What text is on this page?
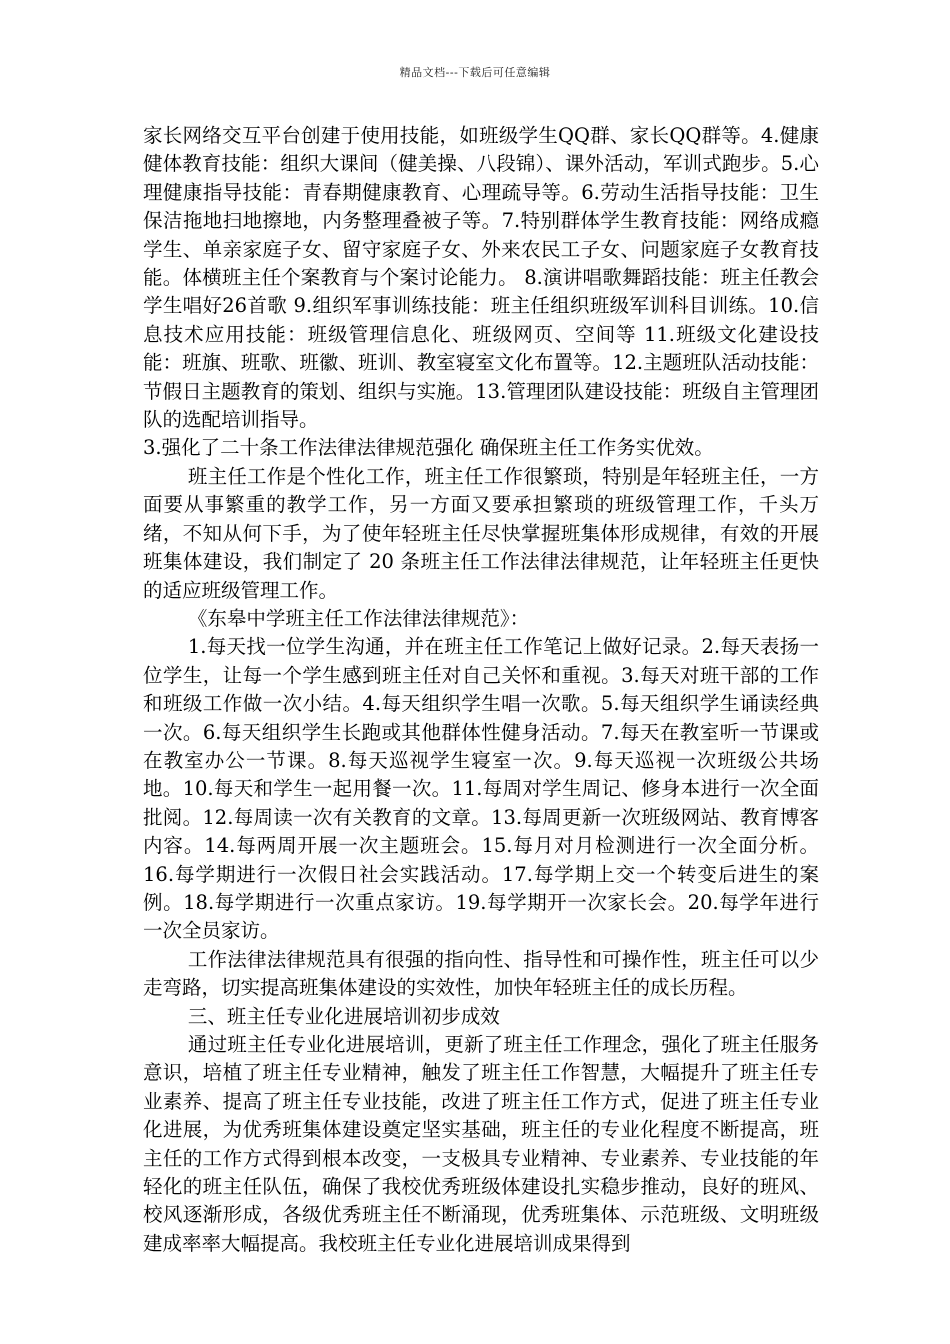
精品文档---下载后可任意编辑

家长网络交互平台创建于使用技能，如班级学生QQ群、家长QQ群等。4.健康健体教育技能：组织大课间（健美操、八段锦）、课外活动，军训式跑步。5.心理健康指导技能：青春期健康教育、心理疏导等。6.劳动生活指导技能：卫生保洁拖地扫地擦地，内务整理叠被子等。7.特别群体学生教育技能：网络成瘾学生、单亲家庭子女、留守家庭子女、外来农民工子女、问题家庭子女教育技能。体横班主任个案教育与个案讨论能力。 8.演讲唱歌舞蹈技能：班主任教会学生唱好26首歌 9.组织军事训练技能：班主任组织班级军训科目训练。10.信息技术应用技能：班级管理信息化、班级网页、空间等 11.班级文化建设技能：班旗、班歌、班徽、班训、教室寝室文化布置等。12.主题班队活动技能：节假日主题教育的策划、组织与实施。13.管理团队建设技能：班级自主管理团队的选配培训指导。

3.强化了二十条工作法律法律规范强化 确保班主任工作务实优效。

班主任工作是个性化工作，班主任工作很繁琐，特别是年轻班主任，一方面要从事繁重的教学工作，另一方面又要承担繁琐的班级管理工作，千头万绪，不知从何下手，为了使年轻班主任尽快掌握班集体形成规律，有效的开展班集体建设，我们制定了 20 条班主任工作法律法律规范，让年轻班主任更快的适应班级管理工作。

《东皋中学班主任工作法律法律规范》：

1.每天找一位学生沟通，并在班主任工作笔记上做好记录。2.每天表扬一位学生，让每一个学生感到班主任对自己关怀和重视。3.每天对班干部的工作和班级工作做一次小结。4.每天组织学生唱一次歌。5.每天组织学生诵读经典一次。6.每天组织学生长跑或其他群体性健身活动。7.每天在教室听一节课或在教室办公一节课。8.每天巡视学生寝室一次。9.每天巡视一次班级公共场地。10.每天和学生一起用餐一次。11.每周对学生周记、修身本进行一次全面批阅。12.每周读一次有关教育的文章。13.每周更新一次班级网站、教育博客内容。14.每两周开展一次主题班会。15.每月对月检测进行一次全面分析。16.每学期进行一次假日社会实践活动。17.每学期上交一个转变后进生的案例。18.每学期进行一次重点家访。19.每学期开一次家长会。20.每学年进行一次全员家访。

工作法律法律规范具有很强的指向性、指导性和可操作性，班主任可以少走弯路，切实提高班集体建设的实效性，加快年轻班主任的成长历程。

三、班主任专业化进展培训初步成效

通过班主任专业化进展培训，更新了班主任工作理念，强化了班主任服务意识，培植了班主任专业精神，触发了班主任工作智慧，大幅提升了班主任专业素养、提高了班主任专业技能，改进了班主任工作方式，促进了班主任专业化进展，为优秀班集体建设奠定坚实基础，班主任的专业化程度不断提高，班主任的工作方式得到根本改变，一支极具专业精神、专业素养、专业技能的年轻化的班主任队伍，确保了我校优秀班级体建设扎实稳步推动，良好的班风、校风逐渐形成，各级优秀班主任不断涌现，优秀班集体、示范班级、文明班级建成率率大幅提高。我校班主任专业化进展培训成果得到
